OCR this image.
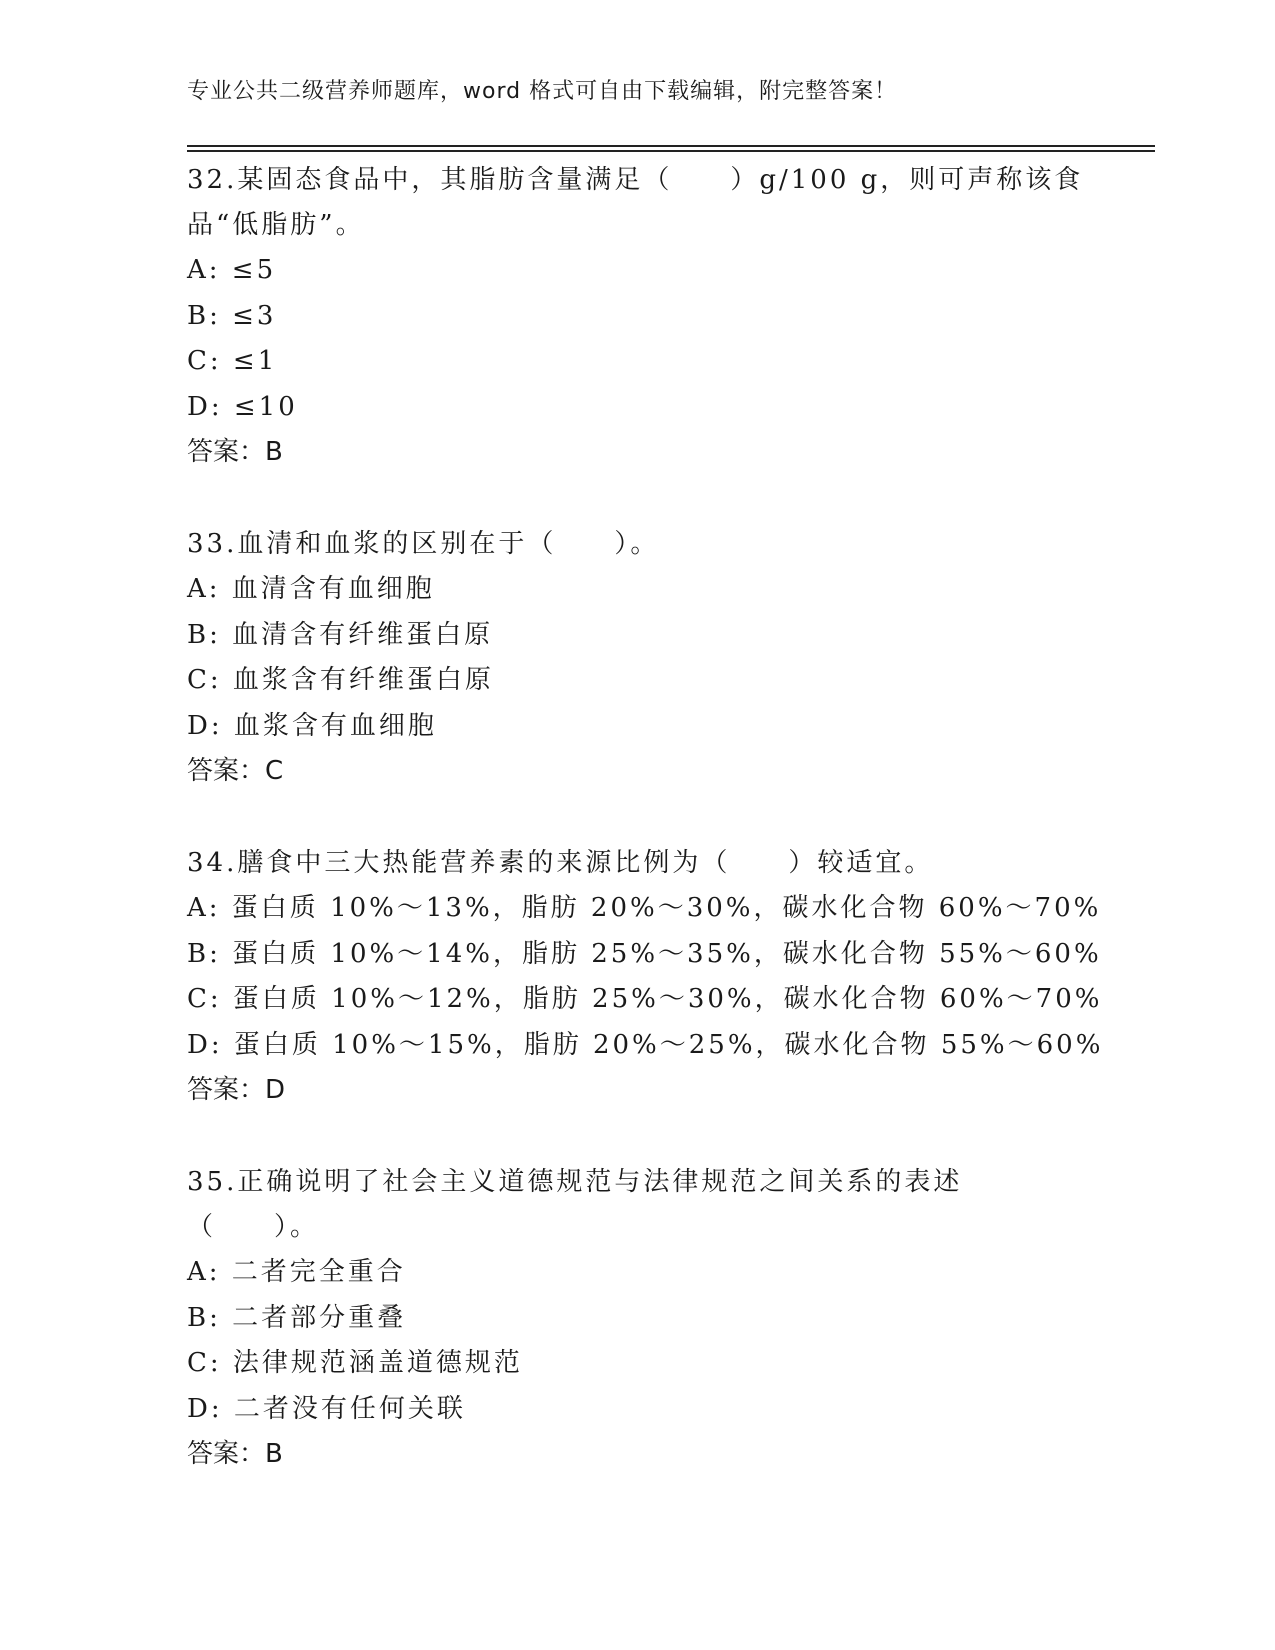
专业公共二级营养师题库，word 格式可自由下载编辑，附完整答案！

32.某固态食品中，其脂肪含量满足（　　）g/100 g，则可声称该食品“低脂肪”。

A: ≤5

B: ≤3

C: ≤1

D: ≤10

答案：B

33.血清和血浆的区别在于（　　）。

A: 血清含有血细胞

B: 血清含有纤维蛋白原

C: 血浆含有纤维蛋白原

D: 血浆含有血细胞

答案：C

34.膳食中三大热能营养素的来源比例为（　　）较适宜。

A: 蛋白质 10%～13%，脂肪 20%～30%，碳水化合物 60%～70%

B: 蛋白质 10%～14%，脂肪 25%～35%，碳水化合物 55%～60%

C: 蛋白质 10%～12%，脂肪 25%～30%，碳水化合物 60%～70%

D: 蛋白质 10%～15%，脂肪 20%～25%，碳水化合物 55%～60%

答案：D

35.正确说明了社会主义道德规范与法律规范之间关系的表述（　　）。

A: 二者完全重合

B: 二者部分重叠

C: 法律规范涵盖道德规范

D: 二者没有任何关联

答案：B
